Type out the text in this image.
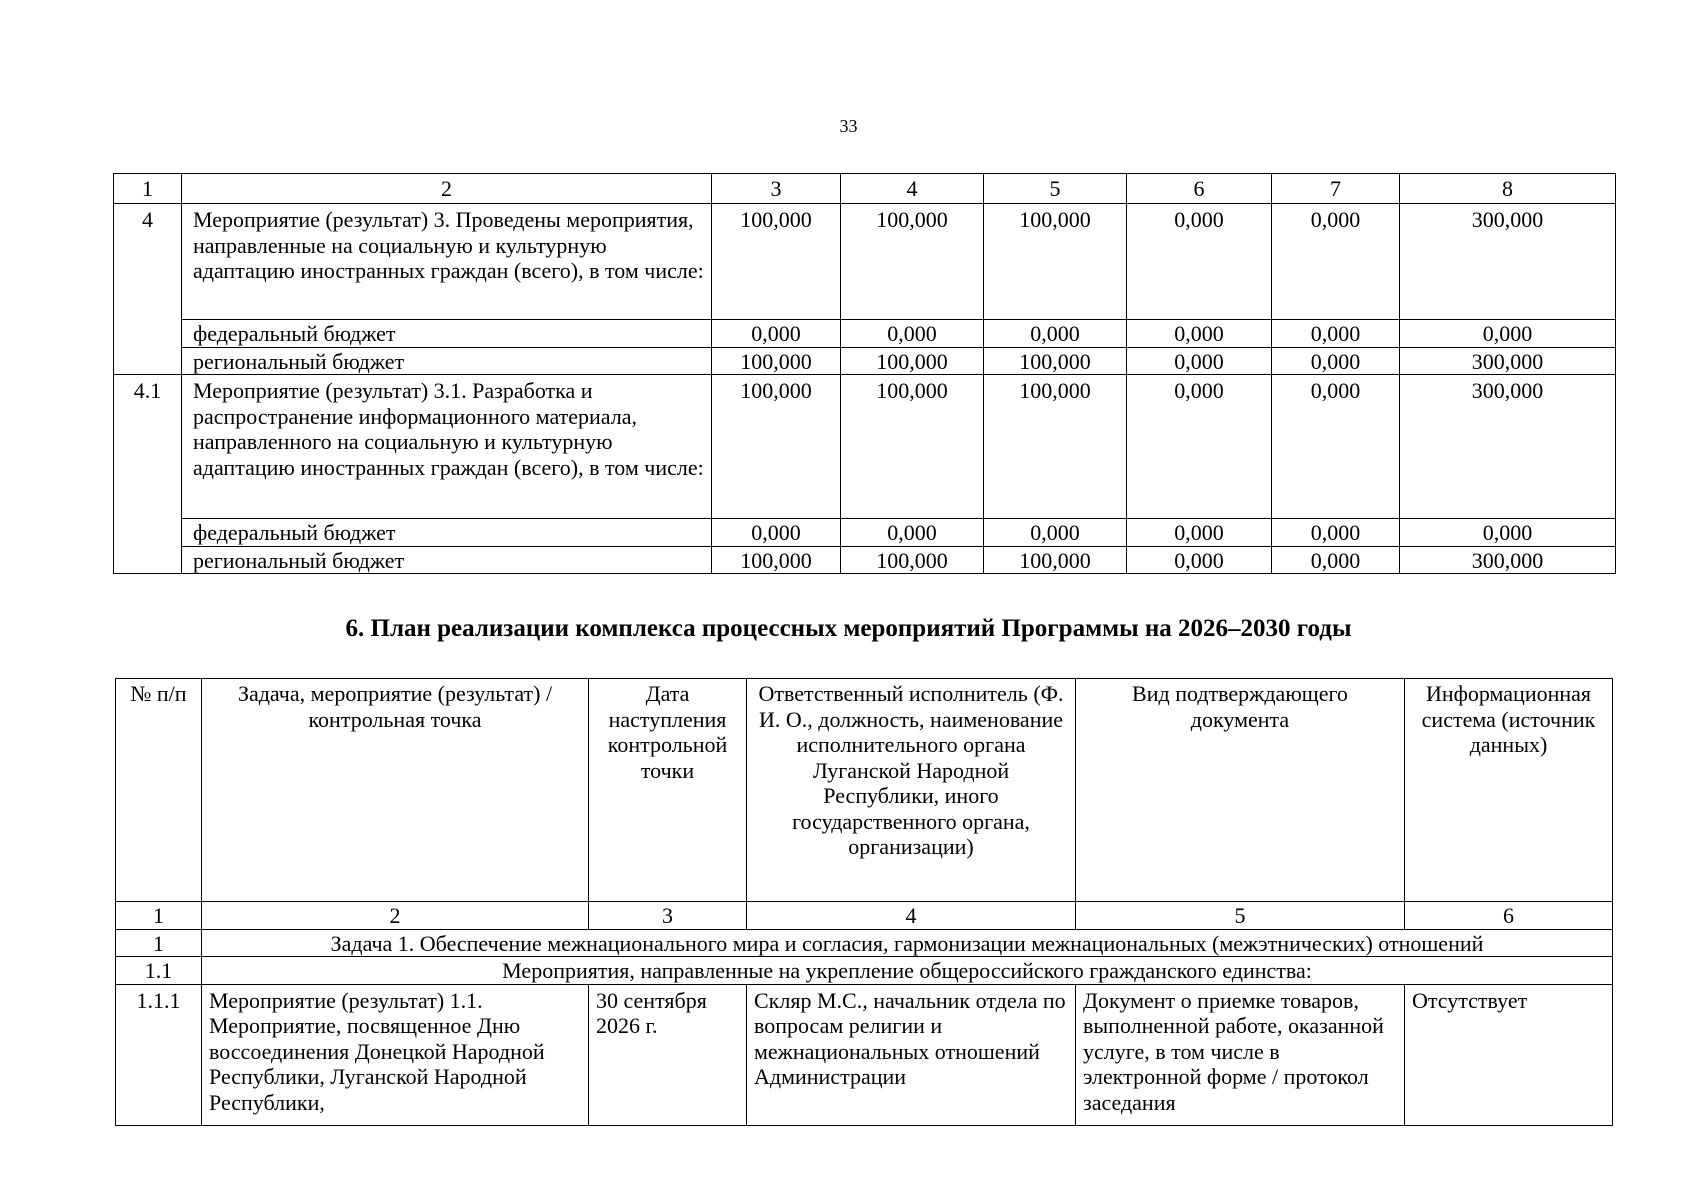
33
1	2	3	4	5	6	7	8
4	Мероприятие (результат) 3. Проведены мероприятия, направленные на социальную и культурную адаптацию иностранных граждан (всего), в том числе:	100,000	100,000	100,000	0,000	0,000	300,000
	федеральный бюджет	0,000	0,000	0,000	0,000	0,000	0,000
	региональный бюджет	100,000	100,000	100,000	0,000	0,000	300,000
4.1	Мероприятие (результат) 3.1. Разработка и распространение информационного материала, направленного на социальную и культурную адаптацию иностранных граждан (всего), в том числе:	100,000	100,000	100,000	0,000	0,000	300,000
	федеральный бюджет	0,000	0,000	0,000	0,000	0,000	0,000
	региональный бюджет	100,000	100,000	100,000	0,000	0,000	300,000
6. План реализации комплекса процессных мероприятий Программы на 2026–2030 годы
№ п/п	Задача, мероприятие (результат) / контрольная точка	Дата наступления контрольной точки	Ответственный исполнитель (Ф. И. О., должность, наименование исполнительного органа Луганской Народной Республики, иного государственного органа, организации)	Вид подтверждающего документа	Информационная система (источник данных)
1	2	3	4	5	6
1	Задача 1. Обеспечение межнационального мира и согласия, гармонизации межнациональных (межэтнических) отношений				
1.1	Мероприятия, направленные на укрепление общероссийского гражданского единства:				
1.1.1	Мероприятие (результат) 1.1. Мероприятие, посвященное Дню воссоединения Донецкой Народной Республики, Луганской Народной Республики,	30 сентября 2026 г.	Скляр М.С., начальник отдела по вопросам религии и межнациональных отношений Администрации	Документ о приемке товаров, выполненной работе, оказанной услуге, в том числе в электронной форме / протокол заседания	Отсутствует
